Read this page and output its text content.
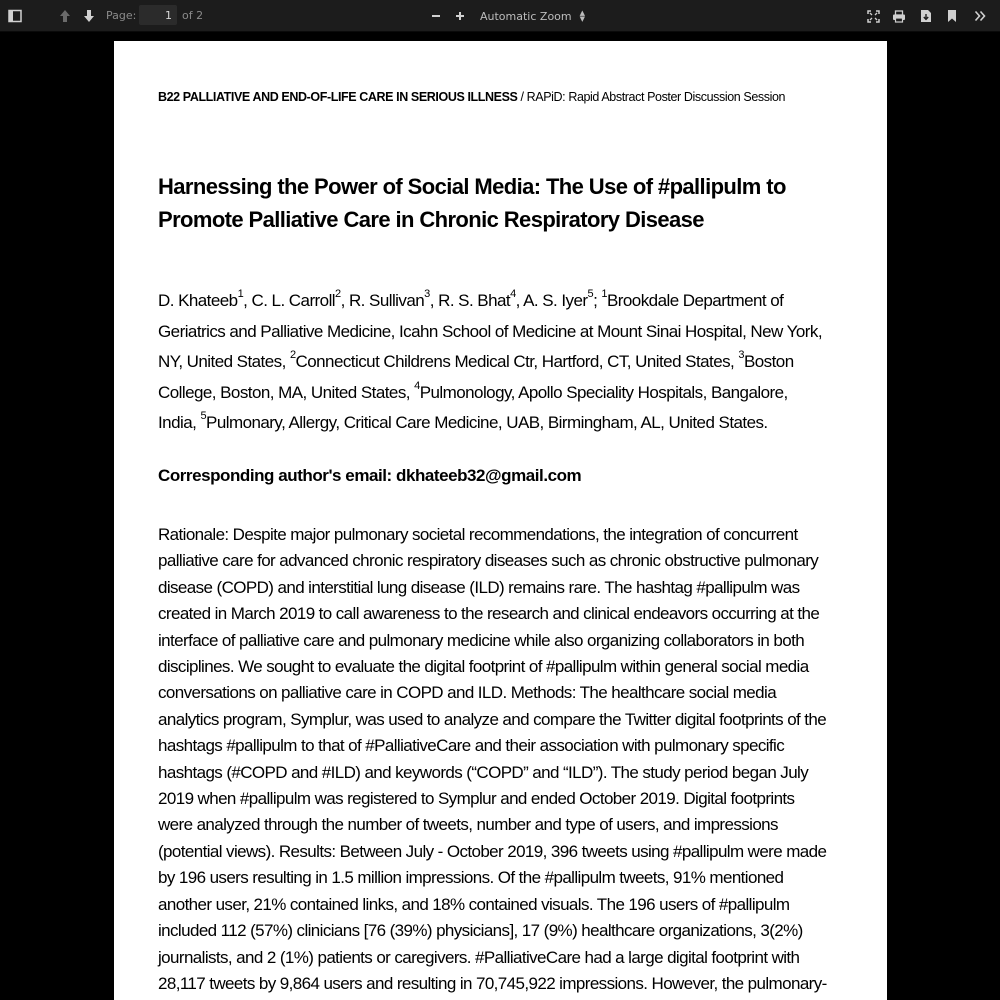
Page:
1	of 2	Automatic Zoom ▲
▼
B22 PALLIATIVE AND END-OF-LIFE CARE IN SERIOUS ILLNESS / RAPiD: Rapid Abstract Poster Discussion Session
Harnessing the Power of Social Media: The Use of #pallipulm to
Promote Palliative Care in Chronic Respiratory Disease
D. Khateeb$^1$, C. L. Carroll$^2$, R. Sullivan$^3$, R. S. Bhat$^4$, A. S. Iyer$^5$; $^1$Brookdale Department of
Geriatrics and Palliative Medicine, Icahn School of Medicine at Mount Sinai Hospital, New York,
NY, United States, $^2$Connecticut Childrens Medical Ctr, Hartford, CT, United States, $^3$Boston
College, Boston, MA, United States, $^4$Pulmonology, Apollo Speciality Hospitals, Bangalore,
India, $^5$Pulmonary, Allergy, Critical Care Medicine, UAB, Birmingham, AL, United States.
Corresponding author's email: dkhateeb32@gmail.com
Rationale: Despite major pulmonary societal recommendations, the integration of concurrent
palliative care for advanced chronic respiratory diseases such as chronic obstructive pulmonary
disease (COPD) and interstitial lung disease (ILD) remains rare. The hashtag #pallipulm was
created in March 2019 to call awareness to the research and clinical endeavors occurring at the
interface of palliative care and pulmonary medicine while also organizing collaborators in both
disciplines. We sought to evaluate the digital footprint of #pallipulm within general social media
conversations on palliative care in COPD and ILD. Methods: The healthcare social media
analytics program, Symplur, was used to analyze and compare the Twitter digital footprints of the
hashtags #pallipulm to that of #PalliativeCare and their association with pulmonary specific
hashtags (#COPD and #ILD) and keywords (“COPD” and “ILD”). The study period began July
2019 when #pallipulm was registered to Symplur and ended October 2019. Digital footprints
were analyzed through the number of tweets, number and type of users, and impressions
(potential views). Results: Between July - October 2019, 396 tweets using #pallipulm were made
by 196 users resulting in 1.5 million impressions. Of the #pallipulm tweets, 91% mentioned
another user, 21% contained links, and 18% contained visuals. The 196 users of #pallipulm
included 112 (57%) clinicians [76 (39%) physicians], 17 (9%) healthcare organizations, 3(2%)
journalists, and 2 (1%) patients or caregivers. #PalliativeCare had a large digital footprint with
28,117 tweets by 9,864 users and resulting in 70,745,922 impressions. However, the pulmonary-
